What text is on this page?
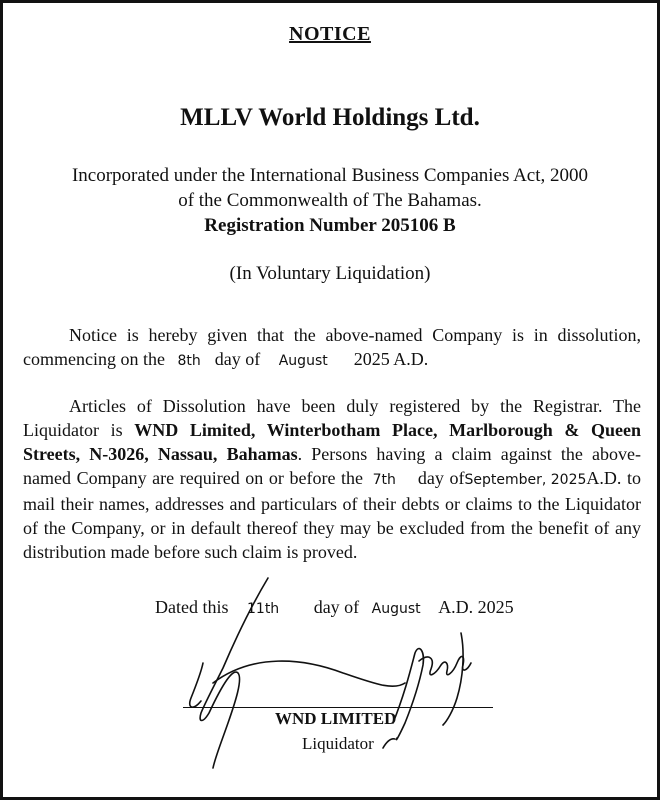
NOTICE
MLLV World Holdings Ltd.
Incorporated under the International Business Companies Act, 2000
of the Commonwealth of The Bahamas.
Registration Number 205106 B
(In Voluntary Liquidation)
Notice is hereby given that the above-named Company is in dissolution, commencing on the 8th day of August 2025 A.D.
Articles of Dissolution have been duly registered by the Registrar. The Liquidator is WND Limited, Winterbotham Place, Marlborough & Queen Streets, N-3026, Nassau, Bahamas. Persons having a claim against the above-named Company are required on or before the 7th day ofSeptember, 2025A.D. to mail their names, addresses and particulars of their debts or claims to the Liquidator of the Company, or in default thereof they may be excluded from the benefit of any distribution made before such claim is proved.
Dated this 11th day of August A.D. 2025
WND LIMITED
Liquidator
